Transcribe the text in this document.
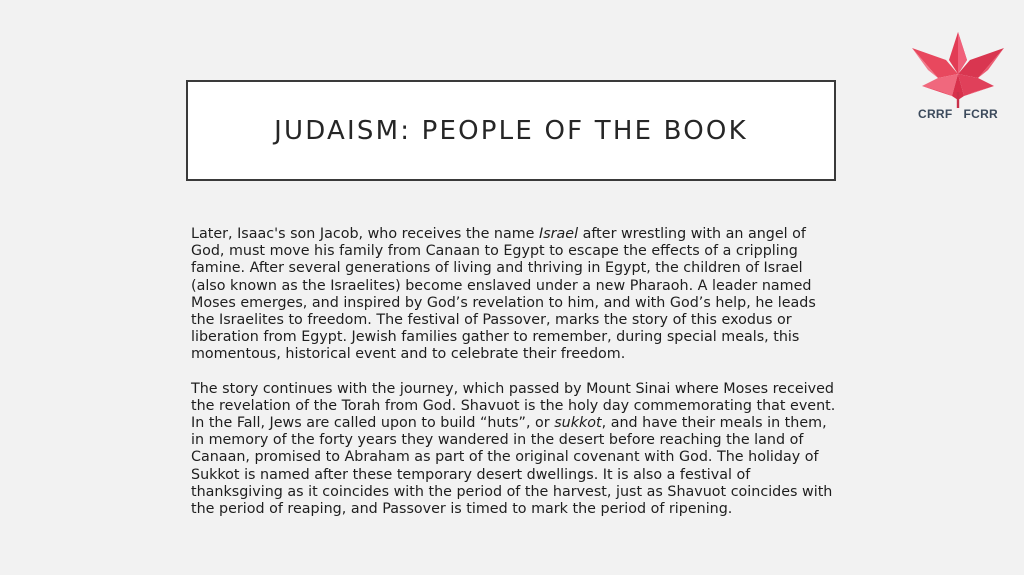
CRRF FCRR
JUDAISM: PEOPLE OF THE BOOK

Later, Isaac's son Jacob, who receives the name Israel after wrestling with an angel of God, must move his family from Canaan to Egypt to escape the effects of a crippling famine. After several generations of living and thriving in Egypt, the children of Israel (also known as the Israelites) become enslaved under a new Pharaoh. A leader named Moses emerges, and inspired by God’s revelation to him, and with God’s help, he leads the Israelites to freedom. The festival of Passover, marks the story of this exodus or liberation from Egypt. Jewish families gather to remember, during special meals, this momentous, historical event and to celebrate their freedom.

The story continues with the journey, which passed by Mount Sinai where Moses received the revelation of the Torah from God. Shavuot is the holy day commemorating that event. In the Fall, Jews are called upon to build “huts”, or sukkot, and have their meals in them, in memory of the forty years they wandered in the desert before reaching the land of Canaan, promised to Abraham as part of the original covenant with God. The holiday of Sukkot is named after these temporary desert dwellings. It is also a festival of thanksgiving as it coincides with the period of the harvest, just as Shavuot coincides with the period of reaping, and Passover is timed to mark the period of ripening.
